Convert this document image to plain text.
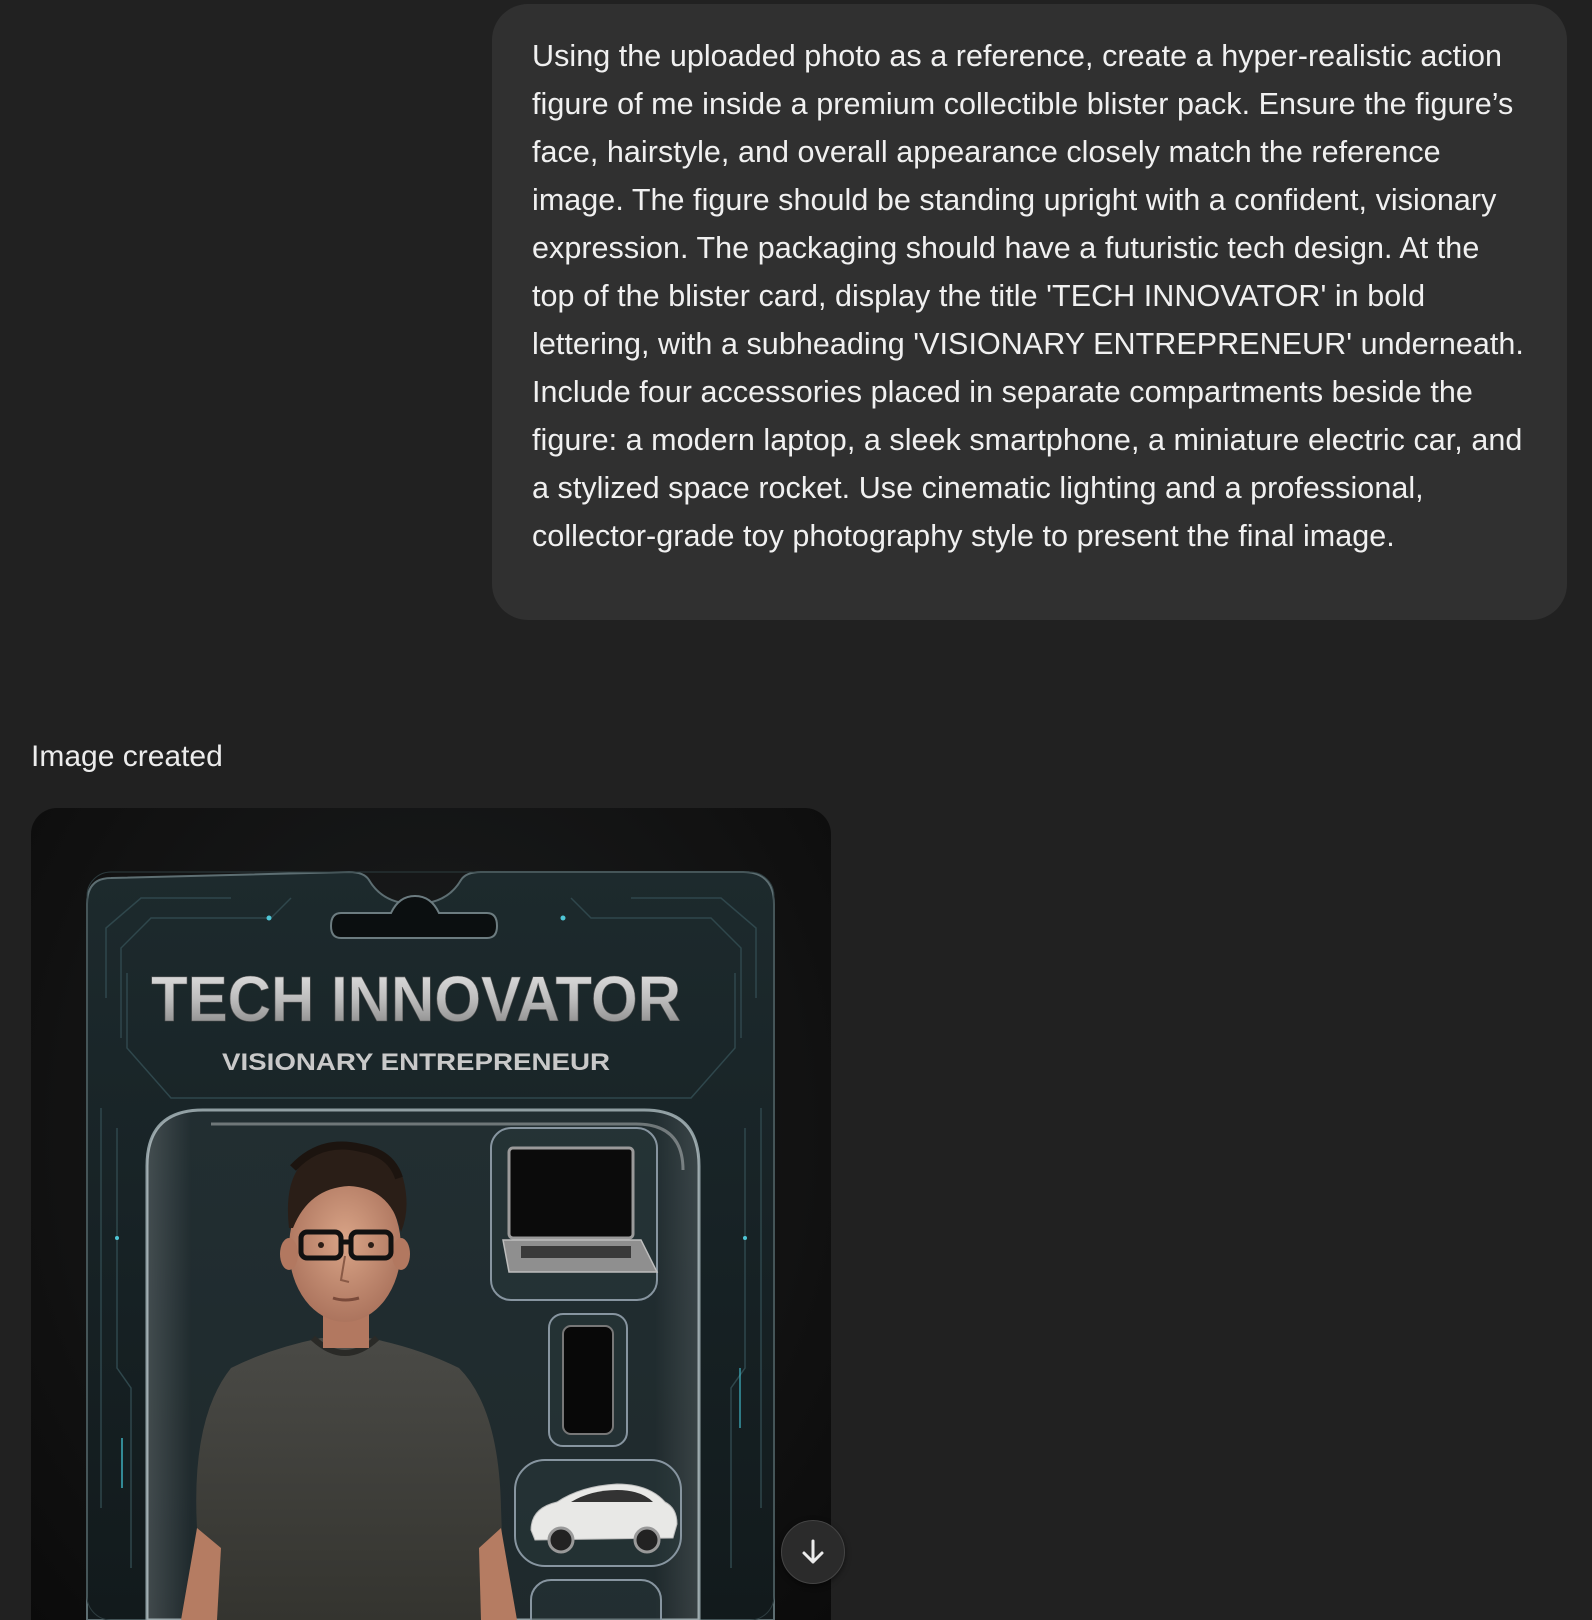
Using the uploaded photo as a reference, create a hyper-realistic action figure of me inside a premium collectible blister pack. Ensure the figure’s face, hairstyle, and overall appearance closely match the reference image. The figure should be standing upright with a confident, visionary expression. The packaging should have a futuristic tech design. At the top of the blister card, display the title 'TECH INNOVATOR' in bold lettering, with a subheading 'VISIONARY ENTREPRENEUR' underneath. Include four accessories placed in separate compartments beside the figure: a modern laptop, a sleek smartphone, a miniature electric car, and a stylized space rocket. Use cinematic lighting and a professional, collector-grade toy photography style to present the final image.

Image created
TECH INNOVATOR
VISIONARY ENTREPRENEUR
